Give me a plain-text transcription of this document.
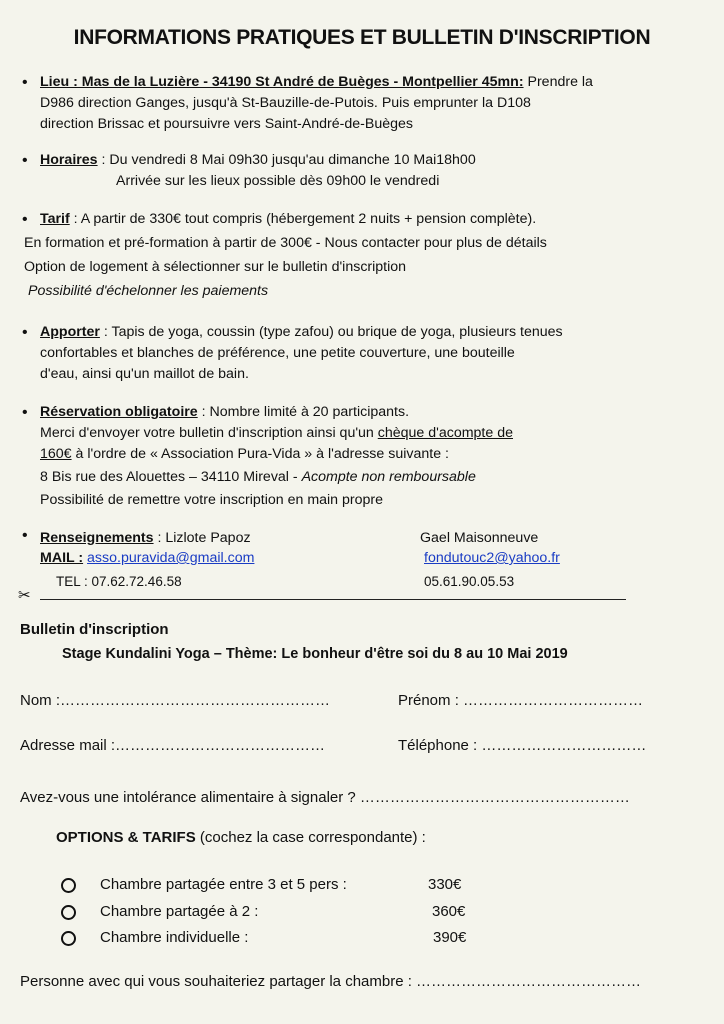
INFORMATIONS PRATIQUES ET BULLETIN D'INSCRIPTION
• Lieu : Mas de la Luzière - 34190 St André de Buèges - Montpellier 45mn: Prendre la
D986 direction Ganges, jusqu'à St-Bauzille-de-Putois. Puis emprunter la D108
direction Brissac et poursuivre vers Saint-André-de-Buèges
• Horaires : Du vendredi 8 Mai 09h30 jusqu'au dimanche 10 Mai18h00
Arrivée sur les lieux possible dès 09h00 le vendredi
• Tarif : A partir de 330€ tout compris (hébergement 2 nuits + pension complète).
En formation et pré-formation à partir de 300€ - Nous contacter pour plus de détails
Option de logement à sélectionner sur le bulletin d'inscription
Possibilité d'échelonner les paiements
• Apporter : Tapis de yoga, coussin (type zafou) ou brique de yoga, plusieurs tenues
confortables et blanches de préférence, une petite couverture, une bouteille
d'eau, ainsi qu'un maillot de bain.
• Réservation obligatoire : Nombre limité à 20 participants.
Merci d'envoyer votre bulletin d'inscription ainsi qu'un chèque d'acompte de
160€ à l'ordre de « Association Pura-Vida » à l'adresse suivante :
8 Bis rue des Alouettes – 34110 Mireval - Acompte non remboursable
Possibilité de remettre votre inscription en main propre
• Renseignements : Lizlote Papoz	Gael Maisonneuve
MAIL : asso.puravida@gmail.com	fondutouc2@yahoo.fr
TEL : 07.62.72.46.58	05.61.90.05.53
✂
Bulletin d'inscription
Stage Kundalini Yoga – Thème: Le bonheur d'être soi du 8 au 10 Mai 2019
Nom :………………………………………………	Prénom : ………………………………
Adresse mail :……………………………………	Téléphone : ……………………………
Avez-vous une intolérance alimentaire à signaler ? ………………………………………………
OPTIONS & TARIFS (cochez la case correspondante) :
Chambre partagée entre 3 et 5 pers :	330€
Chambre partagée à 2 :	360€
Chambre individuelle :	390€
Personne avec qui vous souhaiteriez partager la chambre : ………………………………………
